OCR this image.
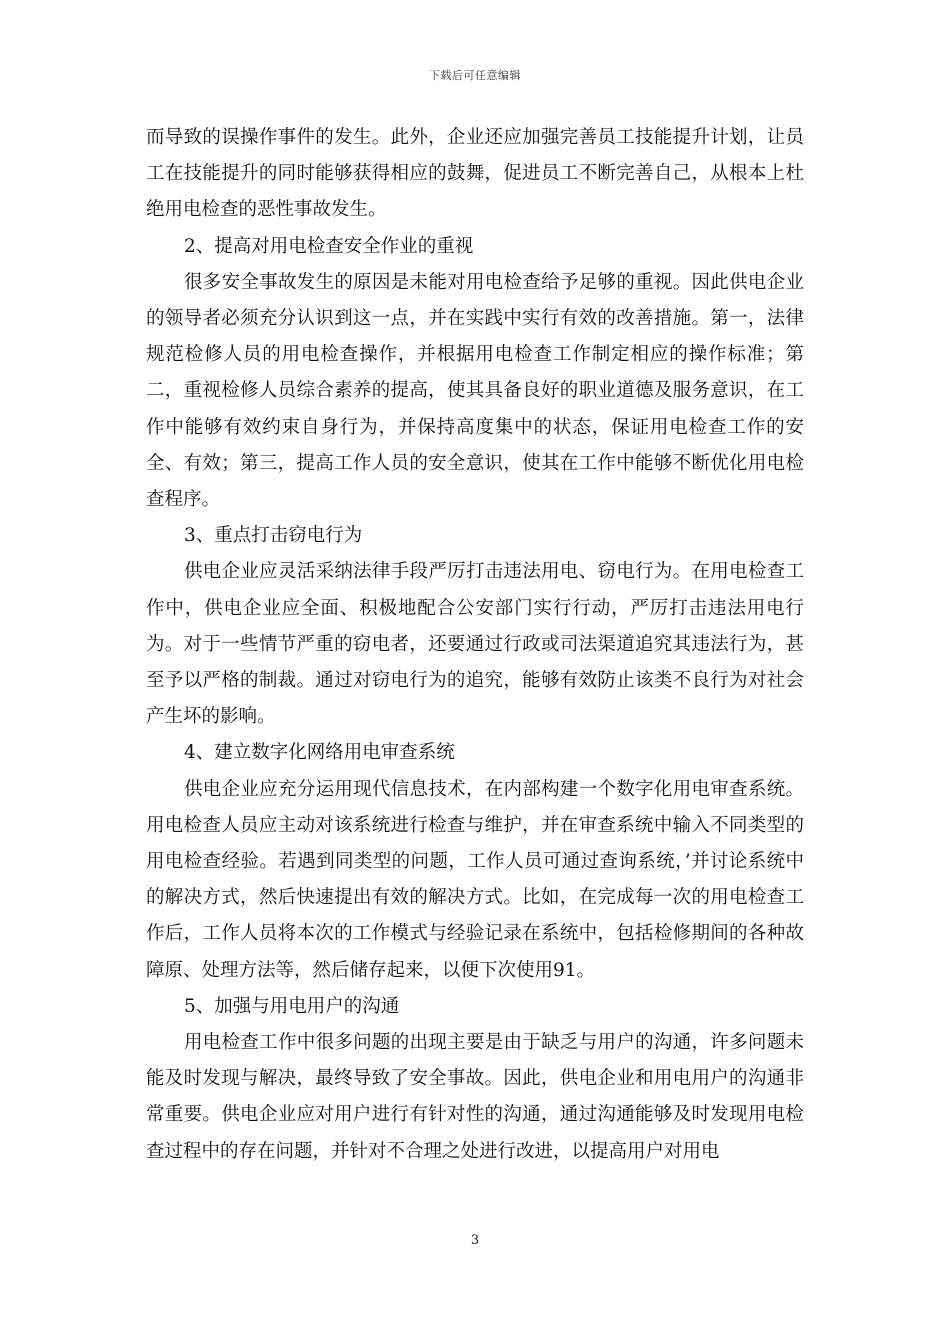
下载后可任意编辑

而导致的误操作事件的发生。此外，企业还应加强完善员工技能提升计划，让员工在技能提升的同时能够获得相应的鼓舞，促进员工不断完善自己，从根本上杜绝用电检查的恶性事故发生。

2、提高对用电检查安全作业的重视

很多安全事故发生的原因是未能对用电检查给予足够的重视。因此供电企业的领导者必须充分认识到这一点，并在实践中实行有效的改善措施。第一，法律规范检修人员的用电检查操作，并根据用电检查工作制定相应的操作标准；第二，重视检修人员综合素养的提高，使其具备良好的职业道德及服务意识，在工作中能够有效约束自身行为，并保持高度集中的状态，保证用电检查工作的安全、有效；第三，提高工作人员的安全意识，使其在工作中能够不断优化用电检查程序。

3、重点打击窃电行为

供电企业应灵活采纳法律手段严厉打击违法用电、窃电行为。在用电检查工作中，供电企业应全面、积极地配合公安部门实行行动，严厉打击违法用电行为。对于一些情节严重的窃电者，还要通过行政或司法渠道追究其违法行为，甚至予以严格的制裁。通过对窃电行为的追究，能够有效防止该类不良行为对社会产生坏的影响。

4、建立数字化网络用电审查系统

供电企业应充分运用现代信息技术，在内部构建一个数字化用电审查系统。用电检查人员应主动对该系统进行检查与维护，并在审查系统中输入不同类型的用电检查经验。若遇到同类型的问题，工作人员可通过查询系统，’并讨论系统中的解决方式，然后快速提出有效的解决方式。比如，在完成每一次的用电检查工作后，工作人员将本次的工作模式与经验记录在系统中，包括检修期间的各种故障原、处理方法等，然后储存起来，以便下次使用91。

5、加强与用电用户的沟通

用电检查工作中很多问题的出现主要是由于缺乏与用户的沟通，许多问题未能及时发现与解决，最终导致了安全事故。因此，供电企业和用电用户的沟通非常重要。供电企业应对用户进行有针对性的沟通，通过沟通能够及时发现用电检查过程中的存在问题，并针对不合理之处进行改进，以提高用户对用电

3
